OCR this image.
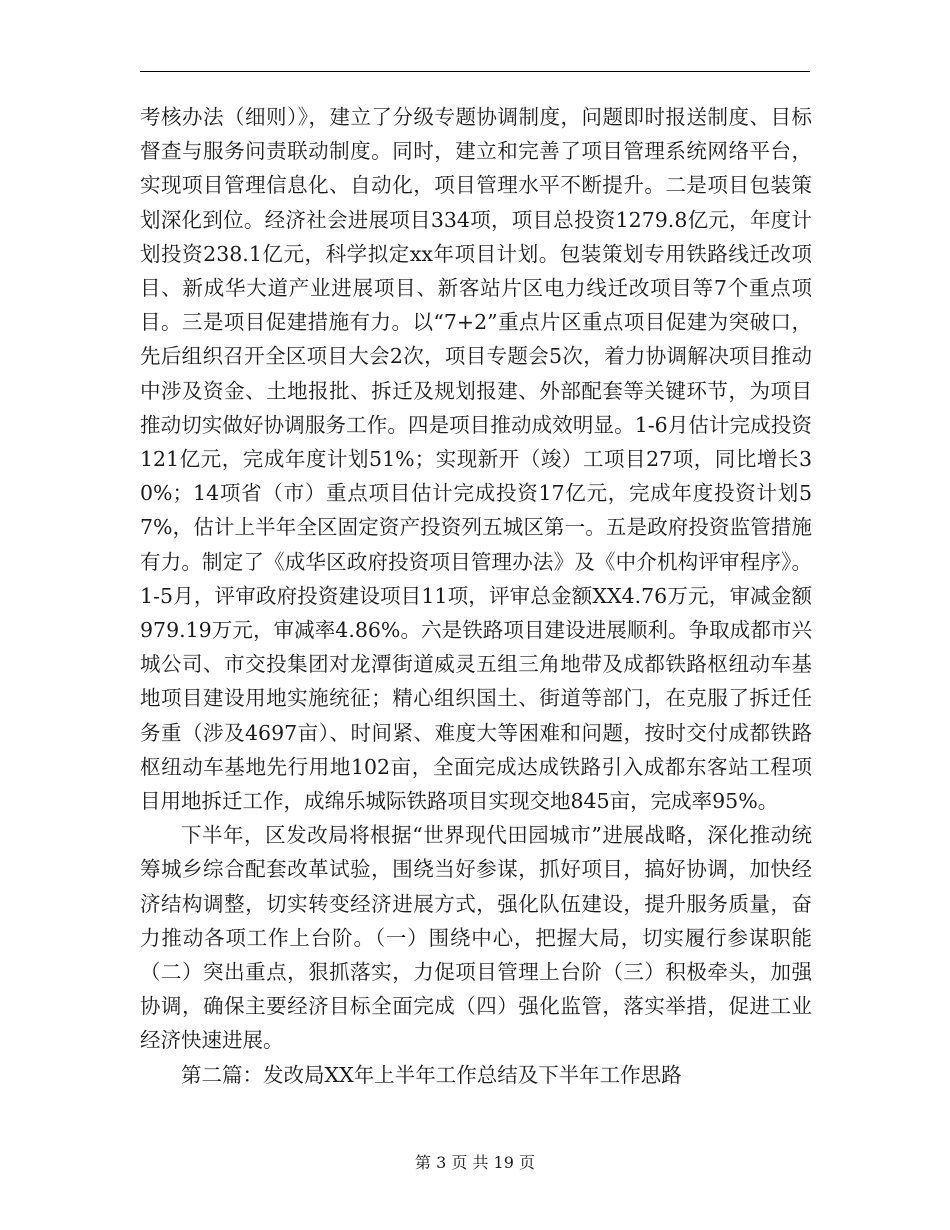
考核办法（细则）》，建立了分级专题协调制度，问题即时报送制度、目标督查与服务问责联动制度。同时，建立和完善了项目管理系统网络平台，实现项目管理信息化、自动化，项目管理水平不断提升。二是项目包装策划深化到位。经济社会进展项目334项，项目总投资1279.8亿元，年度计划投资238.1亿元，科学拟定xx年项目计划。包装策划专用铁路线迁改项目、新成华大道产业进展项目、新客站片区电力线迁改项目等7个重点项目。三是项目促建措施有力。以“7+2”重点片区重点项目促建为突破口，先后组织召开全区项目大会2次，项目专题会5次，着力协调解决项目推动中涉及资金、土地报批、拆迁及规划报建、外部配套等关键环节，为项目推动切实做好协调服务工作。四是项目推动成效明显。1-6月估计完成投资121亿元，完成年度计划51%；实现新开（竣）工项目27项，同比增长30%；14项省（市）重点项目估计完成投资17亿元，完成年度投资计划57%，估计上半年全区固定资产投资列五城区第一。五是政府投资监管措施有力。制定了《成华区政府投资项目管理办法》及《中介机构评审程序》。1-5月，评审政府投资建设项目11项，评审总金额XX4.76万元，审减金额979.19万元，审减率4.86%。六是铁路项目建设进展顺利。争取成都市兴城公司、市交投集团对龙潭街道威灵五组三角地带及成都铁路枢纽动车基地项目建设用地实施统征；精心组织国土、街道等部门，在克服了拆迁任务重（涉及4697亩）、时间紧、难度大等困难和问题，按时交付成都铁路枢纽动车基地先行用地102亩，全面完成达成铁路引入成都东客站工程项目用地拆迁工作，成绵乐城际铁路项目实现交地845亩，完成率95%。

下半年，区发改局将根据“世界现代田园城市”进展战略，深化推动统筹城乡综合配套改革试验，围绕当好参谋，抓好项目，搞好协调，加快经济结构调整，切实转变经济进展方式，强化队伍建设，提升服务质量，奋力推动各项工作上台阶。（一）围绕中心，把握大局，切实履行参谋职能（二）突出重点，狠抓落实，力促项目管理上台阶（三）积极牵头，加强协调，确保主要经济目标全面完成（四）强化监管，落实举措，促进工业经济快速进展。

第二篇：发改局XX年上半年工作总结及下半年工作思路

第 3 页 共 19 页
